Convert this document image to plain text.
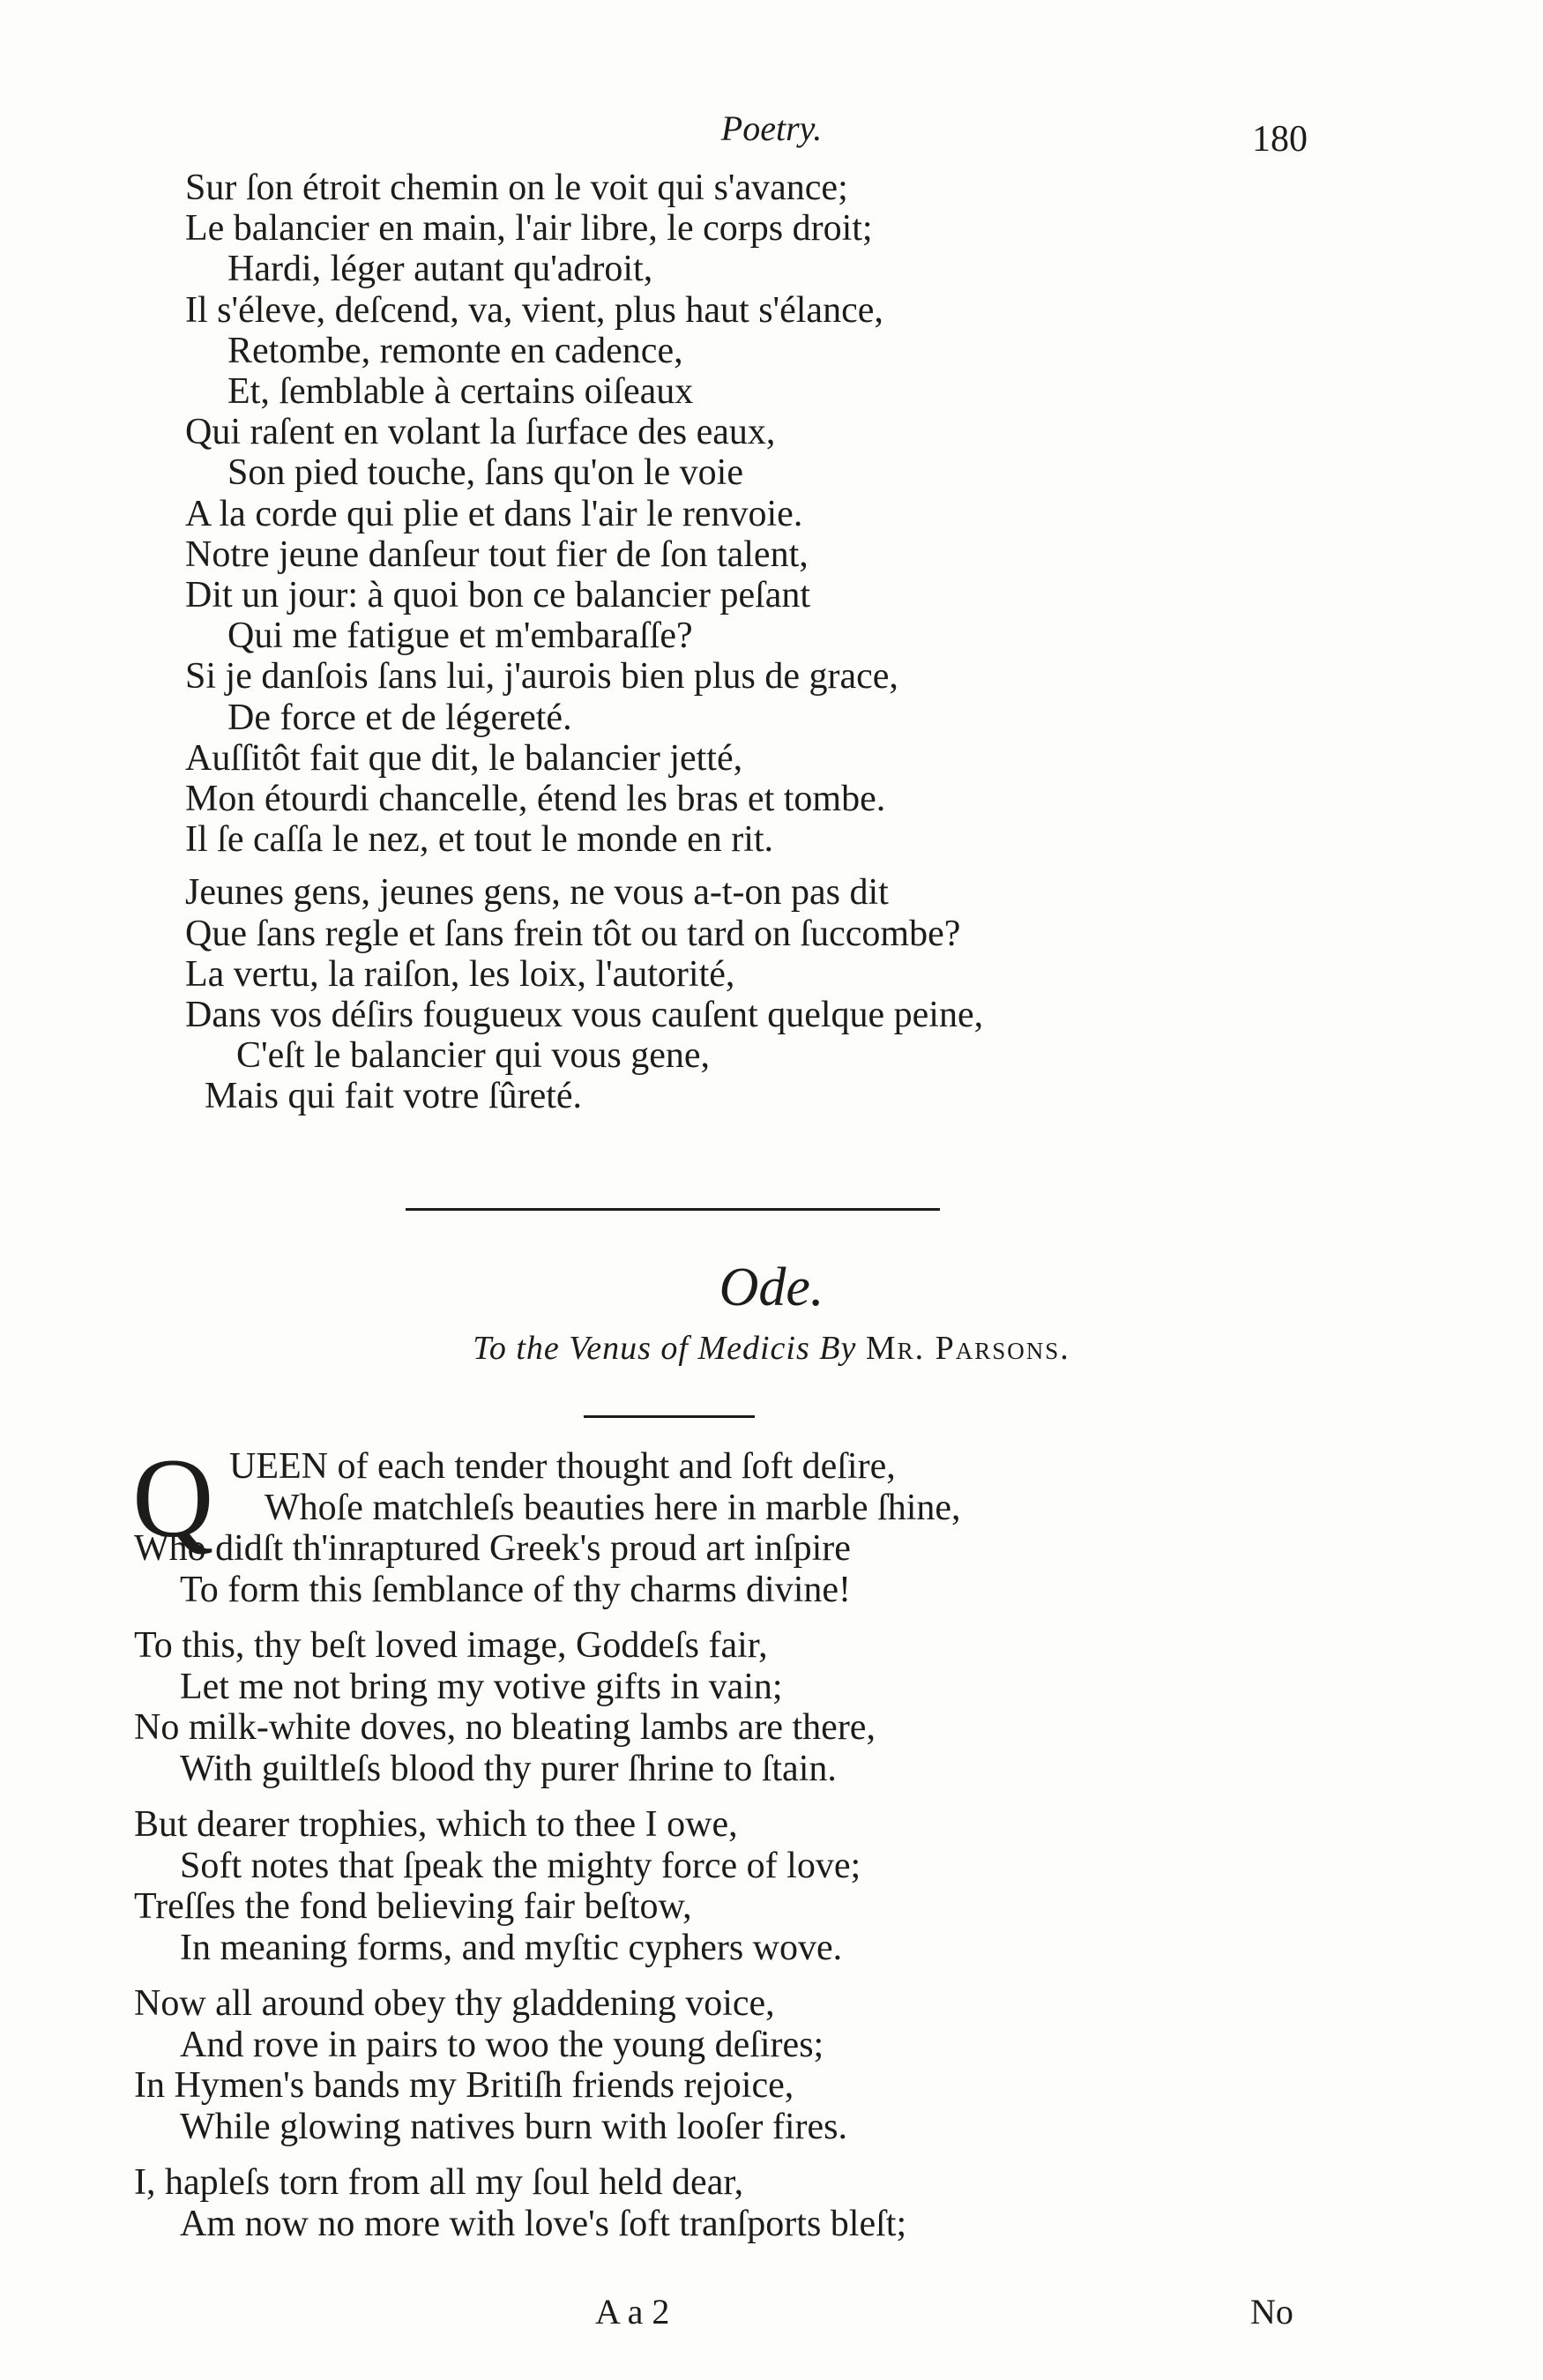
Poetry.	180
Sur ſon étroit chemin on le voit qui s'avance;
Le balancier en main, l'air libre, le corps droit;
Hardi, léger autant qu'adroit,
Il s'éleve, deſcend, va, vient, plus haut s'élance,
Retombe, remonte en cadence,
Et, ſemblable à certains oiſeaux
Qui raſent en volant la ſurface des eaux,
Son pied touche, ſans qu'on le voie
A la corde qui plie et dans l'air le renvoie.
Notre jeune danſeur tout fier de ſon talent,
Dit un jour: à quoi bon ce balancier peſant
Qui me fatigue et m'embaraſſe?
Si je danſois ſans lui, j'aurois bien plus de grace,
De force et de légereté.
Auſſitôt fait que dit, le balancier jetté,
Mon étourdi chancelle, étend les bras et tombe.
Il ſe caſſa le nez, et tout le monde en rit.
Jeunes gens, jeunes gens, ne vous a-t-on pas dit
Que ſans regle et ſans frein tôt ou tard on ſuccombe?
La vertu, la raiſon, les loix, l'autorité,
Dans vos déſirs fougueux vous cauſent quelque peine,
C'eſt le balancier qui vous gene,
Mais qui fait votre ſûreté.
Ode.
To the Venus of Medicis By Mr. Parsons.
Q UEEN of each tender thought and ſoft deſire,
Whoſe matchleſs beauties here in marble ſhine,
Who didſt th'inraptured Greek's proud art inſpire
To form this ſemblance of thy charms divine!
To this, thy beſt loved image, Goddeſs fair,
Let me not bring my votive gifts in vain;
No milk-white doves, no bleating lambs are there,
With guiltleſs blood thy purer ſhrine to ſtain.
But dearer trophies, which to thee I owe,
Soft notes that ſpeak the mighty force of love;
Treſſes the fond believing fair beſtow,
In meaning forms, and myſtic cyphers wove.
Now all around obey thy gladdening voice,
And rove in pairs to woo the young deſires;
In Hymen's bands my Britiſh friends rejoice,
While glowing natives burn with looſer fires.
I, hapleſs torn from all my ſoul held dear,
Am now no more with love's ſoft tranſports bleſt;
A a 2	No
